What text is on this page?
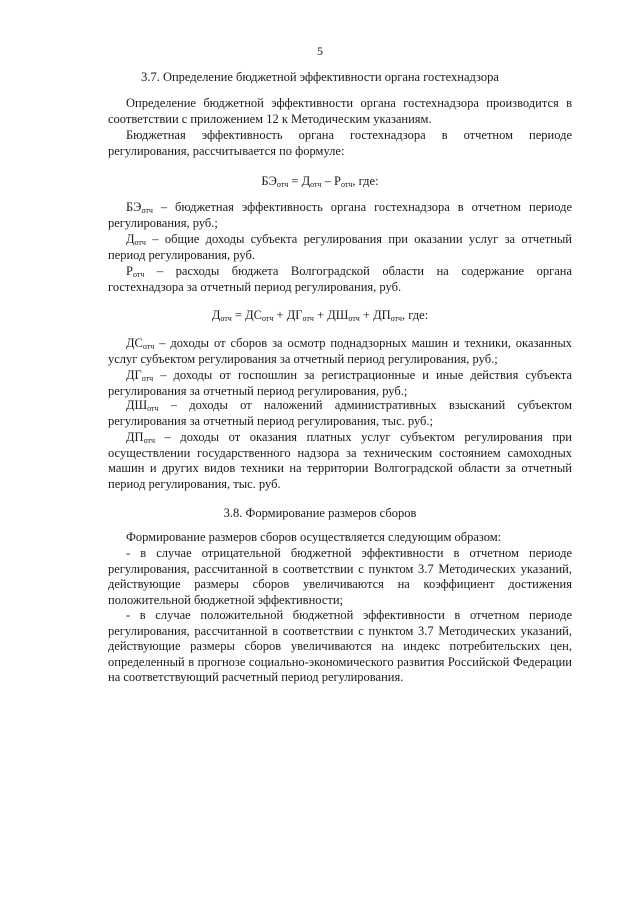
5
3.7. Определение бюджетной эффективности органа гостехнадзора
Определение бюджетной эффективности органа гостехнадзора производится в соответствии с приложением 12 к Методическим указаниям.
Бюджетная эффективность органа гостехнадзора в отчетном периоде регулирования, рассчитывается по формуле:
$БЭ_{отч} = Д_{отч} - Р_{отч}$, где:
$БЭ_{отч}$ – бюджетная эффективность органа гостехнадзора в отчетном периоде регулирования, руб.;
$Д_{отч}$ – общие доходы субъекта регулирования при оказании услуг за отчетный период регулирования, руб.
$Р_{отч}$ – расходы бюджета Волгоградской области на содержание органа гостехнадзора за отчетный период регулирования, руб.
$Д_{отч} = ДС_{отч} + ДГ_{отч} + ДШ_{отч} + ДП_{отч}$, где:
$ДС_{отч}$ – доходы от сборов за осмотр поднадзорных машин и техники, оказанных услуг субъектом регулирования за отчетный период регулирования, руб.;
$ДГ_{отч}$ – доходы от госпошлин за регистрационные и иные действия субъекта регулирования за отчетный период регулирования, руб.;
$ДШ_{отч}$ – доходы от наложений административных взысканий субъектом регулирования за отчетный период регулирования, тыс. руб.;
$ДП_{отч}$ – доходы от оказания платных услуг субъектом регулирования при осуществлении государственного надзора за техническим состоянием самоходных машин и других видов техники на территории Волгоградской области за отчетный период регулирования, тыс. руб.
3.8. Формирование размеров сборов
Формирование размеров сборов осуществляется следующим образом:
- в случае отрицательной бюджетной эффективности в отчетном периоде регулирования, рассчитанной в соответствии с пунктом 3.7 Методических указаний, действующие размеры сборов увеличиваются на коэффициент достижения положительной бюджетной эффективности;
- в случае положительной бюджетной эффективности в отчетном периоде регулирования, рассчитанной в соответствии с пунктом 3.7 Методических указаний, действующие размеры сборов увеличиваются на индекс потребительских цен, определенный в прогнозе социально-экономического развития Российской Федерации на соответствующий расчетный период регулирования.
